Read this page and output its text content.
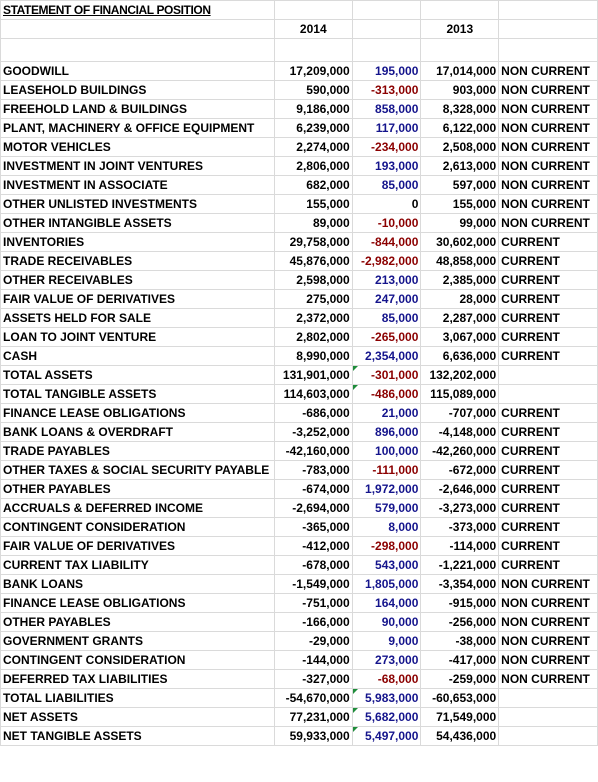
STATEMENT OF FINANCIAL POSITION				
	2014		2013	

GOODWILL	17,209,000	195,000	17,014,000	NON CURRENT
LEASEHOLD BUILDINGS	590,000	-313,000	903,000	NON CURRENT
FREEHOLD LAND & BUILDINGS	9,186,000	858,000	8,328,000	NON CURRENT
PLANT, MACHINERY & OFFICE EQUIPMENT	6,239,000	117,000	6,122,000	NON CURRENT
MOTOR VEHICLES	2,274,000	-234,000	2,508,000	NON CURRENT
INVESTMENT IN JOINT VENTURES	2,806,000	193,000	2,613,000	NON CURRENT
INVESTMENT IN ASSOCIATE	682,000	85,000	597,000	NON CURRENT
OTHER UNLISTED INVESTMENTS	155,000	0	155,000	NON CURRENT
OTHER INTANGIBLE ASSETS	89,000	-10,000	99,000	NON CURRENT
INVENTORIES	29,758,000	-844,000	30,602,000	CURRENT
TRADE RECEIVABLES	45,876,000	-2,982,000	48,858,000	CURRENT
OTHER RECEIVABLES	2,598,000	213,000	2,385,000	CURRENT
FAIR VALUE OF DERIVATIVES	275,000	247,000	28,000	CURRENT
ASSETS HELD FOR SALE	2,372,000	85,000	2,287,000	CURRENT
LOAN TO JOINT VENTURE	2,802,000	-265,000	3,067,000	CURRENT
CASH	8,990,000	2,354,000	6,636,000	CURRENT
TOTAL ASSETS	131,901,000	-301,000	132,202,000	
TOTAL TANGIBLE ASSETS	114,603,000	-486,000	115,089,000	
FINANCE LEASE OBLIGATIONS	-686,000	21,000	-707,000	CURRENT
BANK LOANS & OVERDRAFT	-3,252,000	896,000	-4,148,000	CURRENT
TRADE PAYABLES	-42,160,000	100,000	-42,260,000	CURRENT
OTHER TAXES & SOCIAL SECURITY PAYABLE	-783,000	-111,000	-672,000	CURRENT
OTHER PAYABLES	-674,000	1,972,000	-2,646,000	CURRENT
ACCRUALS & DEFERRED INCOME	-2,694,000	579,000	-3,273,000	CURRENT
CONTINGENT CONSIDERATION	-365,000	8,000	-373,000	CURRENT
FAIR VALUE OF DERIVATIVES	-412,000	-298,000	-114,000	CURRENT
CURRENT TAX LIABILITY	-678,000	543,000	-1,221,000	CURRENT
BANK LOANS	-1,549,000	1,805,000	-3,354,000	NON CURRENT
FINANCE LEASE OBLIGATIONS	-751,000	164,000	-915,000	NON CURRENT
OTHER PAYABLES	-166,000	90,000	-256,000	NON CURRENT
GOVERNMENT GRANTS	-29,000	9,000	-38,000	NON CURRENT
CONTINGENT CONSIDERATION	-144,000	273,000	-417,000	NON CURRENT
DEFERRED TAX LIABILITIES	-327,000	-68,000	-259,000	NON CURRENT
TOTAL LIABILITIES	-54,670,000	5,983,000	-60,653,000	
NET ASSETS	77,231,000	5,682,000	71,549,000	
NET TANGIBLE ASSETS	59,933,000	5,497,000	54,436,000	
